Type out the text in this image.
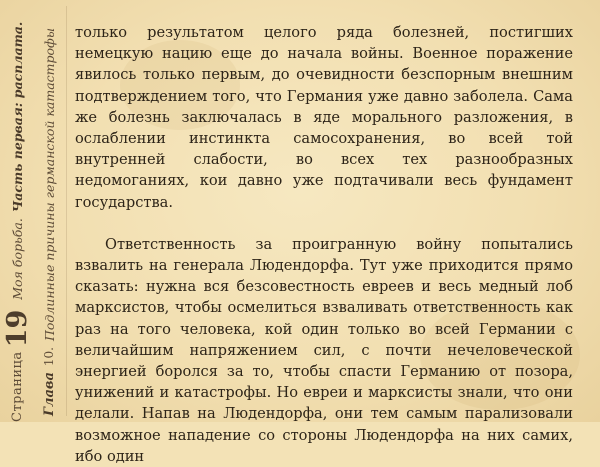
Страница
19
Моя борьба.
Часть первая: расплата.
Глава
10.
Подлинные причины германской катастрофы только результатом целого ряда болезней, постигших немецкую нацию еще до начала войны. Военное поражение явилось только первым, до очевидности безспорным внешним подтверждением того, что Германия уже давно заболела. Сама же болезнь заключалась в яде морального разложения, в ослаблении инстинкта самосохранения, во всей той внутренней слабости, во всех тех разнообразных недомоганиях, кои давно уже подтачивали весь фундамент государства.

Ответственность за проигранную войну попытались взвалить на генерала Людендорфа. Тут уже приходится прямо сказать: нужна вся безсовестность евреев и весь медный лоб марксистов, чтобы осмелиться взваливать ответственность как раз на того человека, кой один только во всей Германии с величайшим напряжением сил, с почти нечеловеческой энергией боролся за то, чтобы спасти Германию от позора, унижений и катастрофы. Но евреи и марксисты знали, что они делали. Напав на Людендорфа, они тем самым парализовали возможное нападение со стороны Людендорфа на них самих, ибо один
